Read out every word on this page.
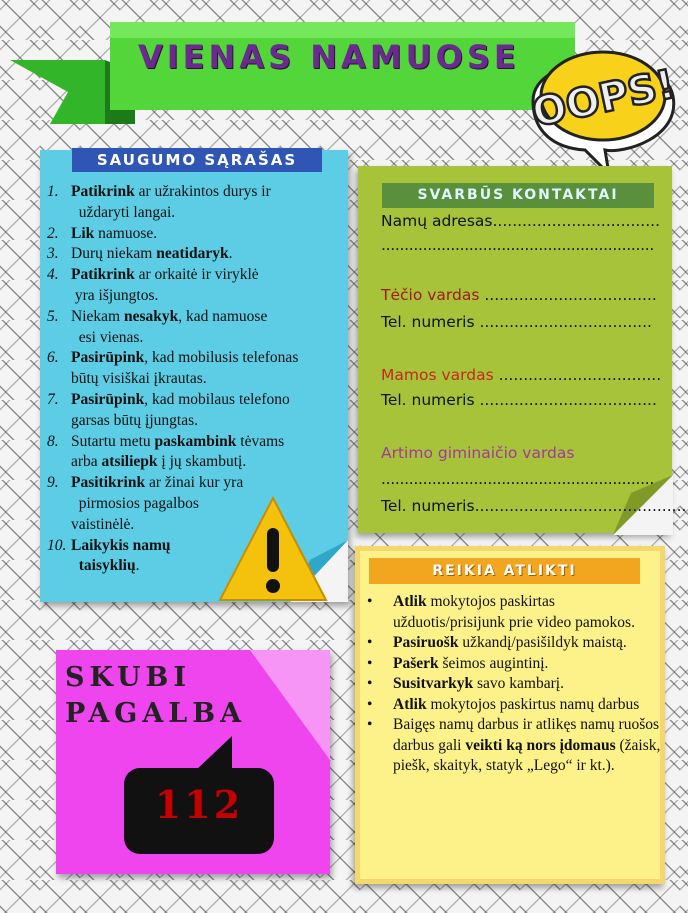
VIENAS NAMUOSE
OOPS!
SAUGUMO SĄRAŠAS
1. Patikrink ar užrakintos durys ir
uždaryti langai.
2. Lik namuose.
3. Durų niekam neatidaryk.
4. Patikrink ar orkaitė ir viryklė
yra išjungtos.
5. Niekam nesakyk, kad namuose
esi vienas.
6. Pasirūpink, kad mobilusis telefonas
būtų visiškai įkrautas.
7. Pasirūpink, kad mobilaus telefono
garsas būtų įjungtas.
8. Sutartu metu paskambink tėvams
arba atsiliepk į jų skambutį.
9. Pasitikrink ar žinai kur yra
pirmosios pagalbos
vaistinėlė.
10. Laikykis namų
taisyklių.
SVARBŪS KONTAKTAI
Namų adresas..................................
...........................................................
Tėčio vardas ...................................
Tel. numeris ...................................
Mamos vardas .................................
Tel. numeris ....................................
Artimo giminaičio vardas
...........................................................
Tel. numeris...........................................
SKUBI
PAGALBA
112
REIKIA ATLIKTI
• Atlik mokytojos paskirtas užduotis/prisijunk prie video pamokos.
• Pasiruošk užkandį/pasišildyk maistą.
• Pašerk šeimos augintinį.
• Susitvarkyk savo kambarį.
• Atlik mokytojos paskirtus namų darbus
• Baigęs namų darbus ir atlikęs namų ruošos darbus gali veikti ką nors įdomaus (žaisk, piešk, skaityk, statyk „Lego“ ir kt.).
